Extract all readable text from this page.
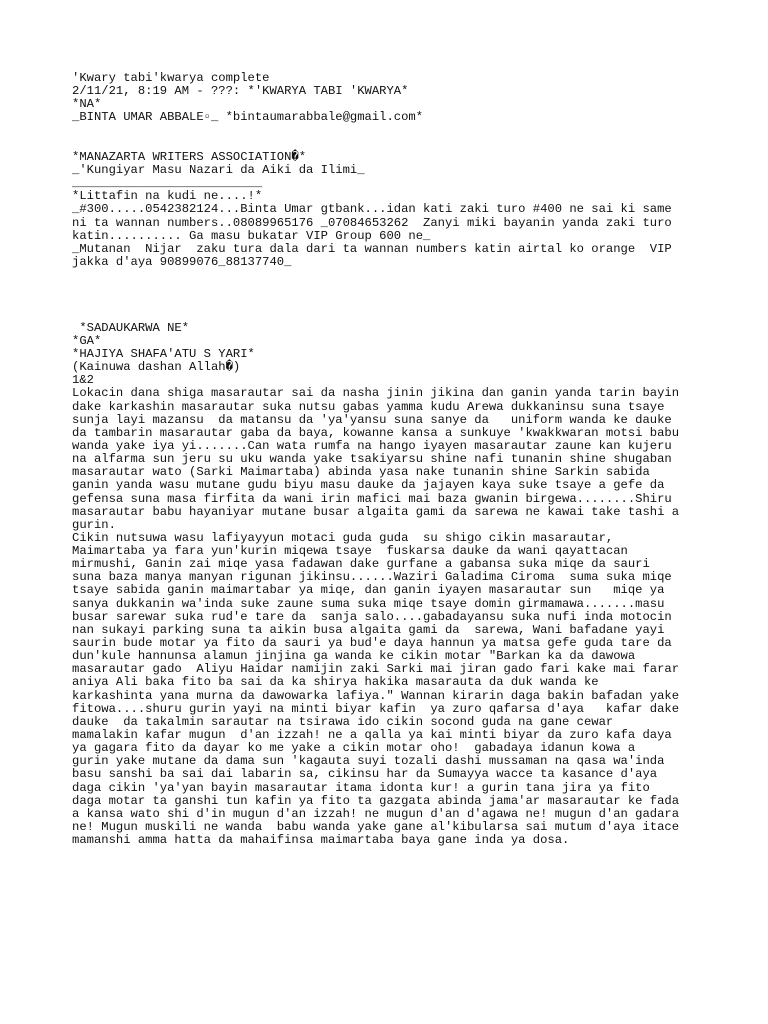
'Kwary tabi'kwarya complete
2/11/21, 8:19 AM - ???: *'KWARYA TABI 'KWARYA*
*NA*
_BINTA UMAR ABBALE▫_ *bintaumarabbale@gmail.com*
*MANAZARTA WRITERS ASSOCIATION�*
_'Kungiyar Masu Nazari da Aiki da Ilimi_
__________________________
*Littafin na kudi ne....!*
_#300.....0542382124...Binta Umar gtbank...idan kati zaki turo #400 ne sai ki same
ni ta wannan numbers..08089965176 _07084653262  Zanyi miki bayanin yanda zaki turo
katin.......... Ga masu bukatar VIP Group 600 ne_
_Mutanan  Nijar  zaku tura dala dari ta wannan numbers katin airtal ko orange  VIP
jakka d'aya 90899076_88137740_
*SADAUKARWA NE*
*GA*
*HAJIYA SHAFA'ATU S YARI*
(Kainuwa dashan Allah�)
1&2
Lokacin dana shiga masarautar sai da nasha jinin jikina dan ganin yanda tarin bayin
dake karkashin masarautar suka nutsu gabas yamma kudu Arewa dukkaninsu suna tsaye
sunja layi mazansu  da matansu da 'ya'yansu suna sanye da   uniform wanda ke dauke
da tambarin masarautar gaba da baya, kowanne kansa a sunkuye 'kwakkwaran motsi babu
wanda yake iya yi.......Can wata rumfa na hango iyayen masarautar zaune kan kujeru
na alfarma sun jeru su uku wanda yake tsakiyarsu shine nafi tunanin shine shugaban
masarautar wato (Sarki Maimartaba) abinda yasa nake tunanin shine Sarkin sabida
ganin yanda wasu mutane gudu biyu masu dauke da jajayen kaya suke tsaye a gefe da
gefensa suna masa firfita da wani irin mafici mai baza gwanin birgewa........Shiru
masarautar babu hayaniyar mutane busar algaita gami da sarewa ne kawai take tashi a
gurin.
Cikin nutsuwa wasu lafiyayyun motaci guda guda  su shigo cikin masarautar,
Maimartaba ya fara yun'kurin miqewa tsaye  fuskarsa dauke da wani qayattacan
mirmushi, Ganin zai miqe yasa fadawan dake gurfane a gabansa suka miqe da sauri
suna baza manya manyan rigunan jikinsu......Waziri Galadima Ciroma  suma suka miqe
tsaye sabida ganin maimartabar ya miqe, dan ganin iyayen masarautar sun   miqe ya
sanya dukkanin wa'inda suke zaune suma suka miqe tsaye domin girmamawa.......masu
busar sarewar suka rud'e tare da  sanja salo....gabadayansu suka nufi inda motocin
nan sukayi parking suna ta aikin busa algaita gami da  sarewa, Wani bafadane yayi
saurin bude motar ya fito da sauri ya bud'e daya hannun ya matsa gefe guda tare da
dun'kule hannunsa alamun jinjina ga wanda ke cikin motar "Barkan ka da dawowa
masarautar gado  Aliyu Haidar namijin zaki Sarki mai jiran gado fari kake mai farar
aniya Ali baka fito ba sai da ka shirya hakika masarauta da duk wanda ke
karkashinta yana murna da dawowarka lafiya." Wannan kirarin daga bakin bafadan yake
fitowa....shuru gurin yayi na minti biyar kafin  ya zuro qafarsa d'aya   kafar dake
dauke  da takalmin sarautar na tsirawa ido cikin socond guda na gane cewar
mamalakin kafar mugun  d'an izzah! ne a qalla ya kai minti biyar da zuro kafa daya
ya gagara fito da dayar ko me yake a cikin motar oho!  gabadaya idanun kowa a
gurin yake mutane da dama sun 'kagauta suyi tozali dashi mussaman na qasa wa'inda
basu sanshi ba sai dai labarin sa, cikinsu har da Sumayya wacce ta kasance d'aya
daga cikin 'ya'yan bayin masarautar itama idonta kur! a gurin tana jira ya fito
daga motar ta ganshi tun kafin ya fito ta gazgata abinda jama'ar masarautar ke fada
a kansa wato shi d'in mugun d'an izzah! ne mugun d'an d'agawa ne! mugun d'an gadara
ne! Mugun muskili ne wanda  babu wanda yake gane al'kibularsa sai mutum d'aya itace
mamanshi amma hatta da mahaifinsa maimartaba baya gane inda ya dosa.
